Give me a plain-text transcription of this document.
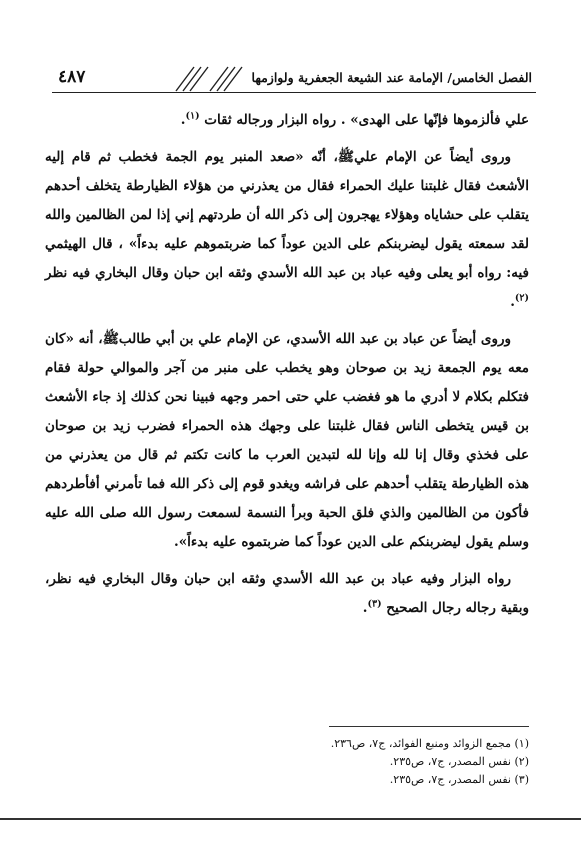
الفصل الخامس/ الإمامة عند الشيعة الجعفرية ولوازمها
٤٨٧

علي فألزموها فإنّها على الهدى» . رواه البزار ورجاله ثقات $^{(١)}$.

وروى أيضاً عن الإمام عليﷺ، أنّه «صعد المنبر يوم الجمة فخطب ثم قام إليه الأشعث فقال غلبتنا عليك الحمراء فقال من يعذرني من هؤلاء الظيارطة يتخلف أحدهم يتقلب على حشاياه وهؤلاء يهجرون إلى ذكر الله أن طردتهم إني إذا لمن الظالمين والله لقد سمعته يقول ليضربنكم على الدين عوداً كما ضربتموهم عليه بدءاً» ، قال الهيثمي فيه: رواه أبو يعلى وفيه عباد بن عبد الله الأسدي وثقه ابن حبان وقال البخاري فيه نظر $^{(٢)}$.

وروى أيضاً عن عباد بن عبد الله الأسدي، عن الإمام علي بن أبي طالبﷺ، أنه «كان معه يوم الجمعة زيد بن صوحان وهو يخطب على منبر من آجر والموالي حولة فقام فتكلم بكلام لا أدري ما هو فغضب علي حتى احمر وجهه فبينا نحن كذلك إذ جاء الأشعث بن قيس يتخطى الناس فقال غلبتنا على وجهك هذه الحمراء فضرب زيد بن صوحان على فخذي وقال إنا لله وإنا لله لتبدين العرب ما كانت تكتم ثم قال من يعذرني من هذه الظيارطة يتقلب أحدهم على فراشه ويغدو قوم إلى ذكر الله فما تأمرني أفأطردهم فأكون من الظالمين والذي فلق الحبة وبرأ النسمة لسمعت رسول الله صلى الله عليه وسلم يقول ليضربنكم على الدين عوداً كما ضربتموه عليه بدءاً».

رواه البزار وفيه عباد بن عبد الله الأسدي وثقه ابن حبان وقال البخاري فيه نظر، وبقية رجاله رجال الصحيح $^{(٣)}$.

(١) مجمع الزوائد ومنبع الفوائد، ج٧، ص٢٣٦.
(٢) نفس المصدر، ج٧، ص٢٣٥.
(٣) نفس المصدر، ج٧، ص٢٣٥.
